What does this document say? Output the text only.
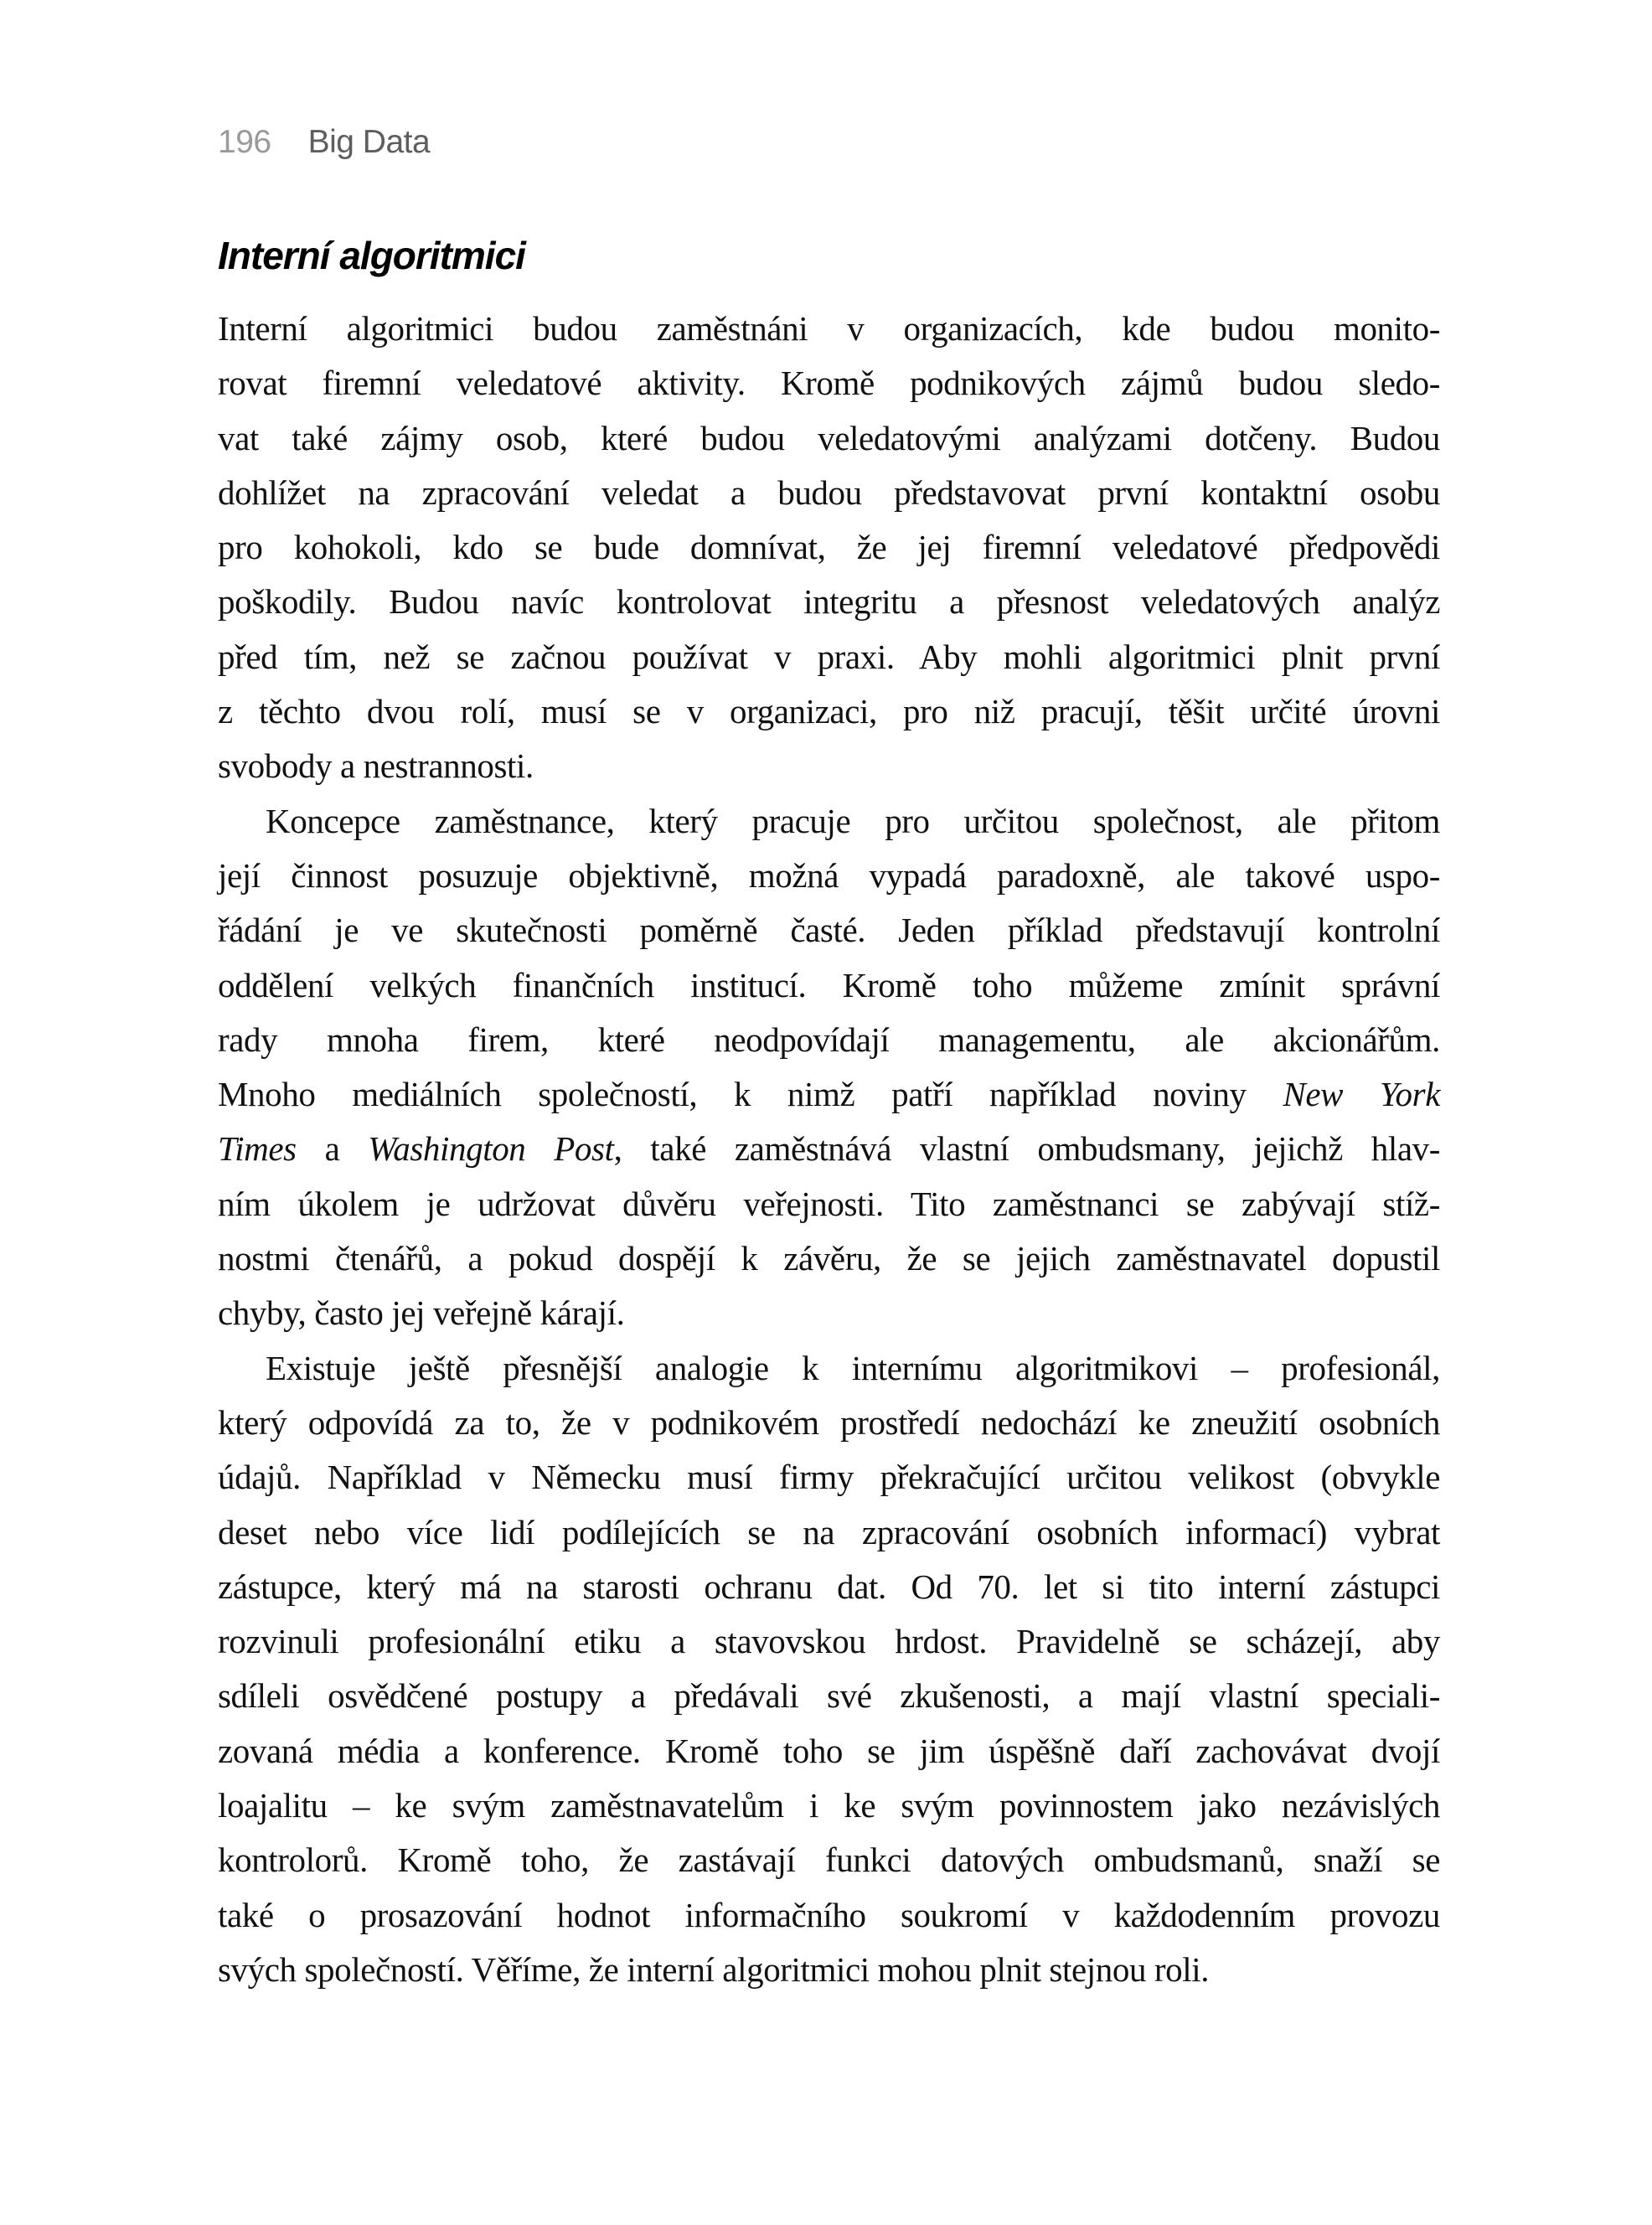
196 Big Data
Interní algoritmici
Interní algoritmici budou zaměstnáni v organizacích, kde budou monito-
rovat firemní veledatové aktivity. Kromě podnikových zájmů budou sledo-
vat také zájmy osob, které budou veledatovými analýzami dotčeny. Budou
dohlížet na zpracování veledat a budou představovat první kontaktní osobu
pro kohokoli, kdo se bude domnívat, že jej firemní veledatové předpovědi
poškodily. Budou navíc kontrolovat integritu a přesnost veledatových analýz
před tím, než se začnou používat v praxi. Aby mohli algoritmici plnit první
z těchto dvou rolí, musí se v organizaci, pro niž pracují, těšit určité úrovni
svobody a nestrannosti.
Koncepce zaměstnance, který pracuje pro určitou společnost, ale přitom
její činnost posuzuje objektivně, možná vypadá paradoxně, ale takové uspo-
řádání je ve skutečnosti poměrně časté. Jeden příklad představují kontrolní
oddělení velkých finančních institucí. Kromě toho můžeme zmínit správní
rady mnoha firem, které neodpovídají managementu, ale akcionářům.
Mnoho mediálních společností, k nimž patří například noviny New York
Times a Washington Post, také zaměstnává vlastní ombudsmany, jejichž hlav-
ním úkolem je udržovat důvěru veřejnosti. Tito zaměstnanci se zabývají stíž-
nostmi čtenářů, a pokud dospějí k závěru, že se jejich zaměstnavatel dopustil
chyby, často jej veřejně kárají.
Existuje ještě přesnější analogie k internímu algoritmikovi – profesionál,
který odpovídá za to, že v podnikovém prostředí nedochází ke zneužití osobních
údajů. Například v Německu musí firmy překračující určitou velikost (obvykle
deset nebo více lidí podílejících se na zpracování osobních informací) vybrat
zástupce, který má na starosti ochranu dat. Od 70. let si tito interní zástupci
rozvinuli profesionální etiku a stavovskou hrdost. Pravidelně se scházejí, aby
sdíleli osvědčené postupy a předávali své zkušenosti, a mají vlastní speciali-
zovaná média a konference. Kromě toho se jim úspěšně daří zachovávat dvojí
loajalitu – ke svým zaměstnavatelům i ke svým povinnostem jako nezávislých
kontrolorů. Kromě toho, že zastávají funkci datových ombudsmanů, snaží se
také o prosazování hodnot informačního soukromí v každodenním provozu
svých společností. Věříme, že interní algoritmici mohou plnit stejnou roli.
